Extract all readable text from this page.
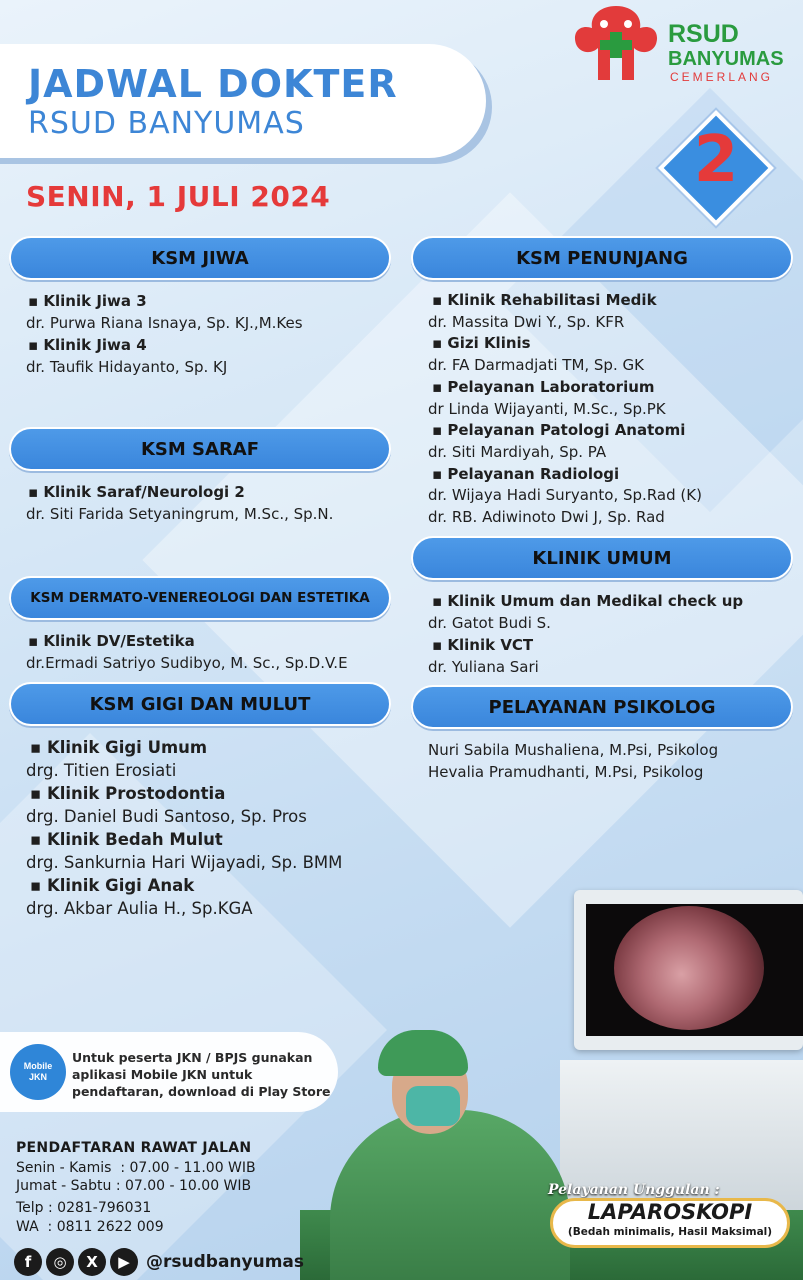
JADWAL DOKTER
RSUD BANYUMAS
SENIN, 1 JULI 2024
RSUD
BANYUMAS
CEMERLANG
2
KSM JIWA
▪ Klinik Jiwa 3
dr. Purwa Riana Isnaya, Sp. KJ.,M.Kes
▪ Klinik Jiwa 4
dr. Taufik Hidayanto, Sp. KJ
KSM SARAF
▪ Klinik Saraf/Neurologi 2
dr. Siti Farida Setyaningrum, M.Sc., Sp.N.
KSM DERMATO-VENEREOLOGI DAN ESTETIKA
▪ Klinik DV/Estetika
dr.Ermadi Satriyo Sudibyo, M. Sc., Sp.D.V.E
KSM GIGI DAN MULUT
▪ Klinik Gigi Umum
drg. Titien Erosiati
▪ Klinik Prostodontia
drg. Daniel Budi Santoso, Sp. Pros
▪ Klinik Bedah Mulut
drg. Sankurnia Hari Wijayadi, Sp. BMM
▪ Klinik Gigi Anak
drg. Akbar Aulia H., Sp.KGA
KSM PENUNJANG
▪ Klinik Rehabilitasi Medik
dr. Massita Dwi Y., Sp. KFR
▪ Gizi Klinis
dr. FA Darmadjati TM, Sp. GK
▪ Pelayanan Laboratorium
dr Linda Wijayanti, M.Sc., Sp.PK
▪ Pelayanan Patologi Anatomi
dr. Siti Mardiyah, Sp. PA
▪ Pelayanan Radiologi
dr. Wijaya Hadi Suryanto, Sp.Rad (K)
dr. RB. Adiwinoto Dwi J, Sp. Rad
KLINIK UMUM
▪ Klinik Umum dan Medikal check up
dr. Gatot Budi S.
▪ Klinik VCT
dr. Yuliana Sari
PELAYANAN PSIKOLOG
Nuri Sabila Mushaliena, M.Psi, Psikolog
Hevalia Pramudhanti, M.Psi, Psikolog
Mobile
JKN
Untuk peserta JKN / BPJS gunakan aplikasi Mobile JKN untuk pendaftaran, download di Play Store
PENDAFTARAN RAWAT JALAN
Senin - Kamis  : 07.00 - 11.00 WIB
Jumat - Sabtu : 07.00 - 10.00 WIB
Telp : 0281-796031
WA  : 0811 2622 009
f	◎	X	▶ @rsudbanyumas
Pelayanan Unggulan :
LAPAROSKOPI
(Bedah minimalis, Hasil Maksimal)
